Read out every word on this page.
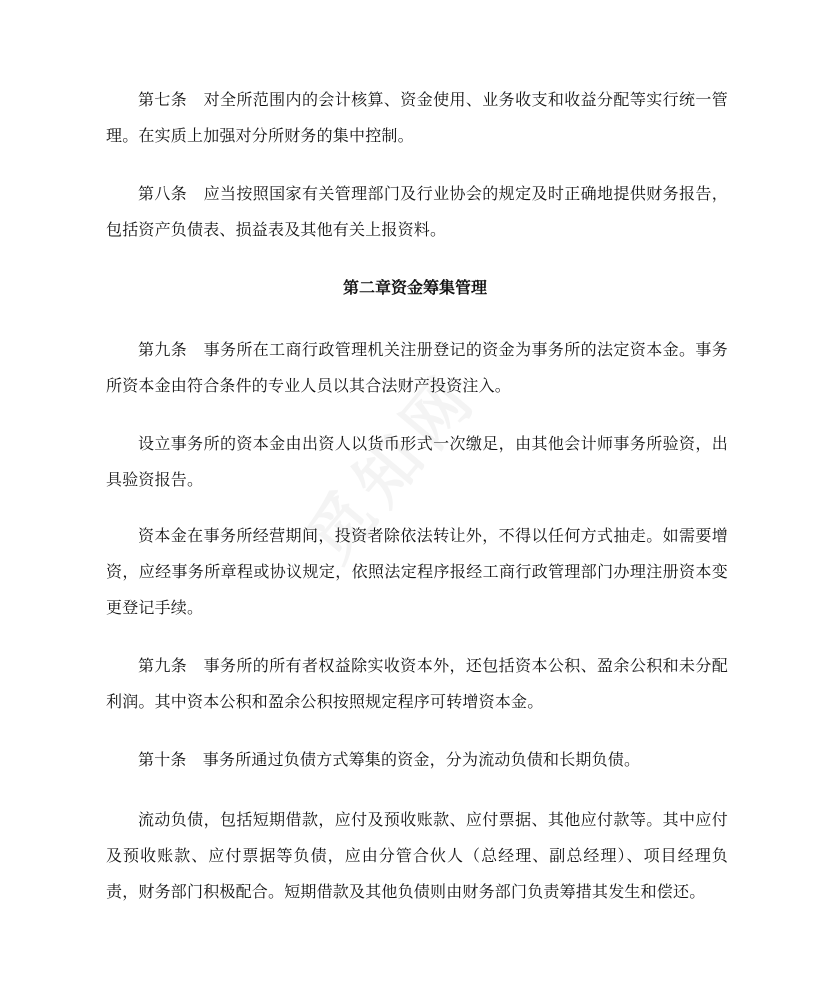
第七条　对全所范围内的会计核算、资金使用、业务收支和收益分配等实行统一管理。在实质上加强对分所财务的集中控制。

第八条　应当按照国家有关管理部门及行业协会的规定及时正确地提供财务报告，包括资产负债表、损益表及其他有关上报资料。

第二章资金筹集管理

第九条　事务所在工商行政管理机关注册登记的资金为事务所的法定资本金。事务所资本金由符合条件的专业人员以其合法财产投资注入。

设立事务所的资本金由出资人以货币形式一次缴足，由其他会计师事务所验资，出具验资报告。

资本金在事务所经营期间，投资者除依法转让外，不得以任何方式抽走。如需要增资，应经事务所章程或协议规定，依照法定程序报经工商行政管理部门办理注册资本变更登记手续。

第九条　事务所的所有者权益除实收资本外，还包括资本公积、盈余公积和未分配利润。其中资本公积和盈余公积按照规定程序可转增资本金。

第十条　事务所通过负债方式筹集的资金，分为流动负债和长期负债。

流动负债，包括短期借款，应付及预收账款、应付票据、其他应付款等。其中应付及预收账款、应付票据等负债，应由分管合伙人（总经理、副总经理）、项目经理负责，财务部门积极配合。短期借款及其他负债则由财务部门负责筹措其发生和偿还。
